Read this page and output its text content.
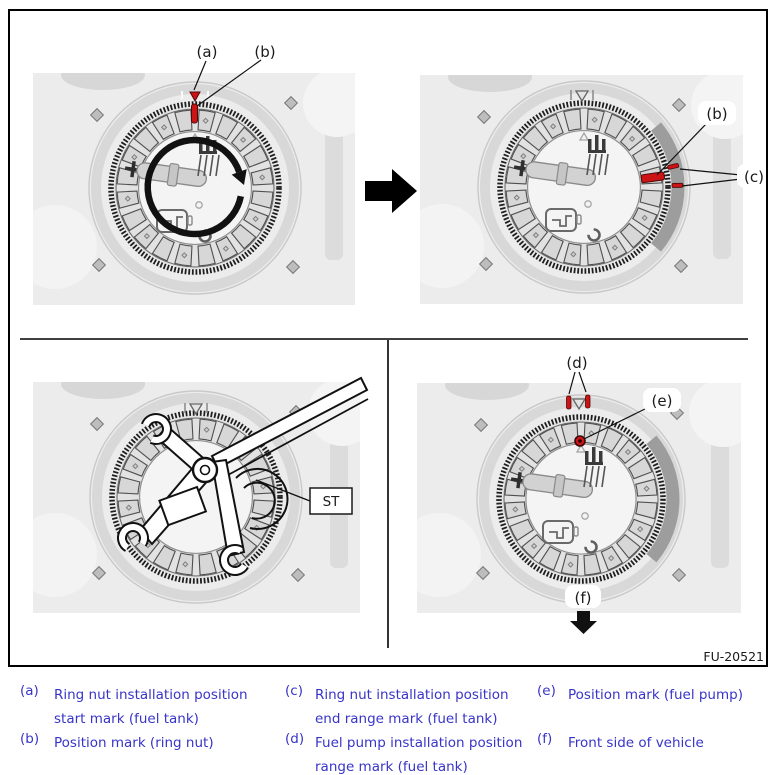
(a) (b)
(b)
(c)
ST
(d)
(e)
(f)
FU-20521
(a)	Ring nut installation position
start mark (fuel tank)
(b)	Position mark (ring nut)
(c) Ring nut installation position
end range mark (fuel tank)
(d) Fuel pump installation position
range mark (fuel tank)
(e) Position mark (fuel pump)
(f)	Front side of vehicle
